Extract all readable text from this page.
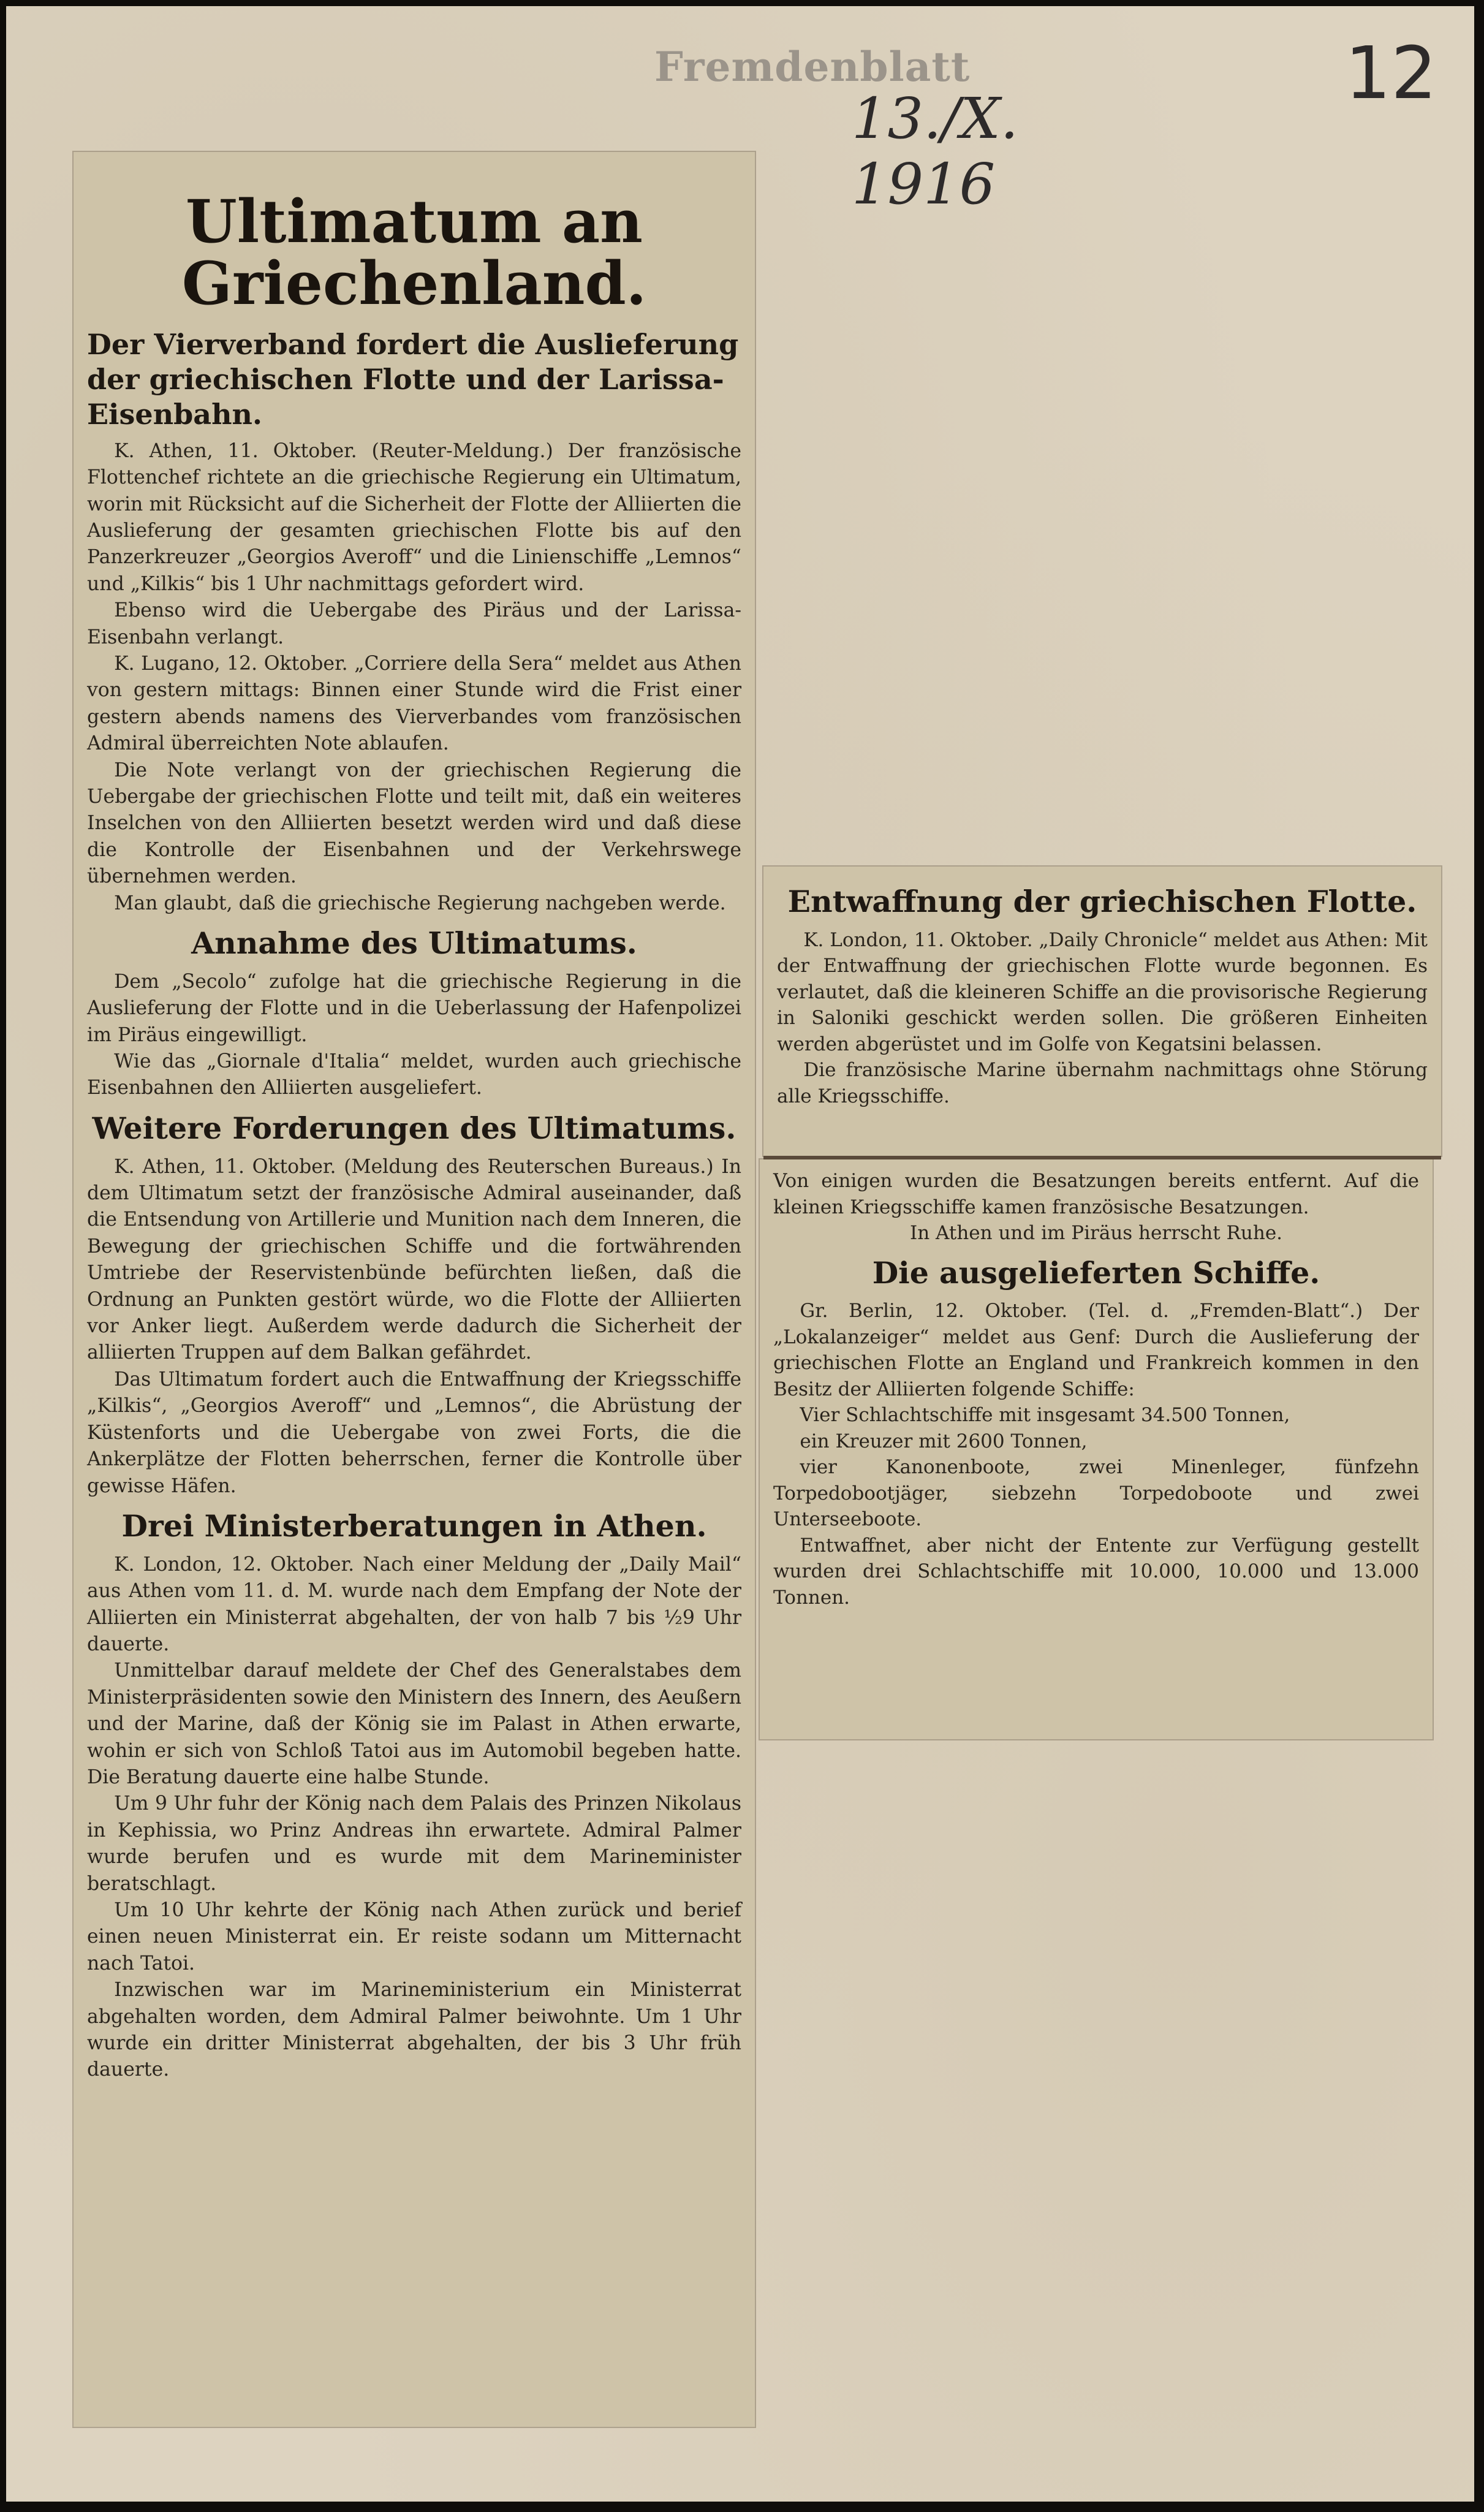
Fremdenblatt
13./X. 1916
12
Ultimatum an Griechenland.
Der Vierverband fordert die Auslieferung der griechischen Flotte und der Larissa-Eisenbahn.

K. Athen, 11. Oktober. (Reuter-Meldung.) Der französische Flottenchef richtete an die griechische Regierung ein Ultimatum, worin mit Rücksicht auf die Sicherheit der Flotte der Alliierten die Auslieferung der gesamten griechischen Flotte bis auf den Panzerkreuzer „Georgios Averoff“ und die Linienschiffe „Lemnos“ und „Kilkis“ bis 1 Uhr nachmittags gefordert wird.

Ebenso wird die Uebergabe des Piräus und der Larissa-Eisenbahn verlangt.

K. Lugano, 12. Oktober. „Corriere della Sera“ meldet aus Athen von gestern mittags: Binnen einer Stunde wird die Frist einer gestern abends namens des Vierverbandes vom französischen Admiral überreichten Note ablaufen.

Die Note verlangt von der griechischen Regierung die Uebergabe der griechischen Flotte und teilt mit, daß ein weiteres Inselchen von den Alliierten besetzt werden wird und daß diese die Kontrolle der Eisenbahnen und der Verkehrswege übernehmen werden.

Man glaubt, daß die griechische Regierung nachgeben werde.

Annahme des Ultimatums.

Dem „Secolo“ zufolge hat die griechische Regierung in die Auslieferung der Flotte und in die Ueberlassung der Hafenpolizei im Piräus eingewilligt.

Wie das „Giornale d'Italia“ meldet, wurden auch griechische Eisenbahnen den Alliierten ausgeliefert.

Weitere Forderungen des Ultimatums.

K. Athen, 11. Oktober. (Meldung des Reuterschen Bureaus.) In dem Ultimatum setzt der französische Admiral auseinander, daß die Entsendung von Artillerie und Munition nach dem Inneren, die Bewegung der griechischen Schiffe und die fortwährenden Umtriebe der Reservistenbünde befürchten ließen, daß die Ordnung an Punkten gestört würde, wo die Flotte der Alliierten vor Anker liegt. Außerdem werde dadurch die Sicherheit der alliierten Truppen auf dem Balkan gefährdet.

Das Ultimatum fordert auch die Entwaffnung der Kriegsschiffe „Kilkis“, „Georgios Averoff“ und „Lemnos“, die Abrüstung der Küstenforts und die Uebergabe von zwei Forts, die die Ankerplätze der Flotten beherrschen, ferner die Kontrolle über gewisse Häfen.

Drei Ministerberatungen in Athen.

K. London, 12. Oktober. Nach einer Meldung der „Daily Mail“ aus Athen vom 11. d. M. wurde nach dem Empfang der Note der Alliierten ein Ministerrat abgehalten, der von halb 7 bis ½9 Uhr dauerte.

Unmittelbar darauf meldete der Chef des Generalstabes dem Ministerpräsidenten sowie den Ministern des Innern, des Aeußern und der Marine, daß der König sie im Palast in Athen erwarte, wohin er sich von Schloß Tatoi aus im Automobil begeben hatte. Die Beratung dauerte eine halbe Stunde.

Um 9 Uhr fuhr der König nach dem Palais des Prinzen Nikolaus in Kephissia, wo Prinz Andreas ihn erwartete. Admiral Palmer wurde berufen und es wurde mit dem Marineminister beratschlagt.

Um 10 Uhr kehrte der König nach Athen zurück und berief einen neuen Ministerrat ein. Er reiste sodann um Mitternacht nach Tatoi.

Inzwischen war im Marineministerium ein Ministerrat abgehalten worden, dem Admiral Palmer beiwohnte. Um 1 Uhr wurde ein dritter Ministerrat abgehalten, der bis 3 Uhr früh dauerte.

Entwaffnung der griechischen Flotte.

K. London, 11. Oktober. „Daily Chronicle“ meldet aus Athen: Mit der Entwaffnung der griechischen Flotte wurde begonnen. Es verlautet, daß die kleineren Schiffe an die provisorische Regierung in Saloniki geschickt werden sollen. Die größeren Einheiten werden abgerüstet und im Golfe von Kegatsini belassen.

Die französische Marine übernahm nachmittags ohne Störung alle Kriegsschiffe.

Von einigen wurden die Besatzungen bereits entfernt. Auf die kleinen Kriegsschiffe kamen französische Besatzungen.

In Athen und im Piräus herrscht Ruhe.

Die ausgelieferten Schiffe.

Gr. Berlin, 12. Oktober. (Tel. d. „Fremden-Blatt“.) Der „Lokalanzeiger“ meldet aus Genf: Durch die Auslieferung der griechischen Flotte an England und Frankreich kommen in den Besitz der Alliierten folgende Schiffe:

Vier Schlachtschiffe mit insgesamt 34.500 Tonnen,

ein Kreuzer mit 2600 Tonnen,

vier Kanonenboote, zwei Minenleger, fünfzehn Torpedobootjäger, siebzehn Torpedoboote und zwei Unterseeboote.

Entwaffnet, aber nicht der Entente zur Verfügung gestellt wurden drei Schlachtschiffe mit 10.000, 10.000 und 13.000 Tonnen.
